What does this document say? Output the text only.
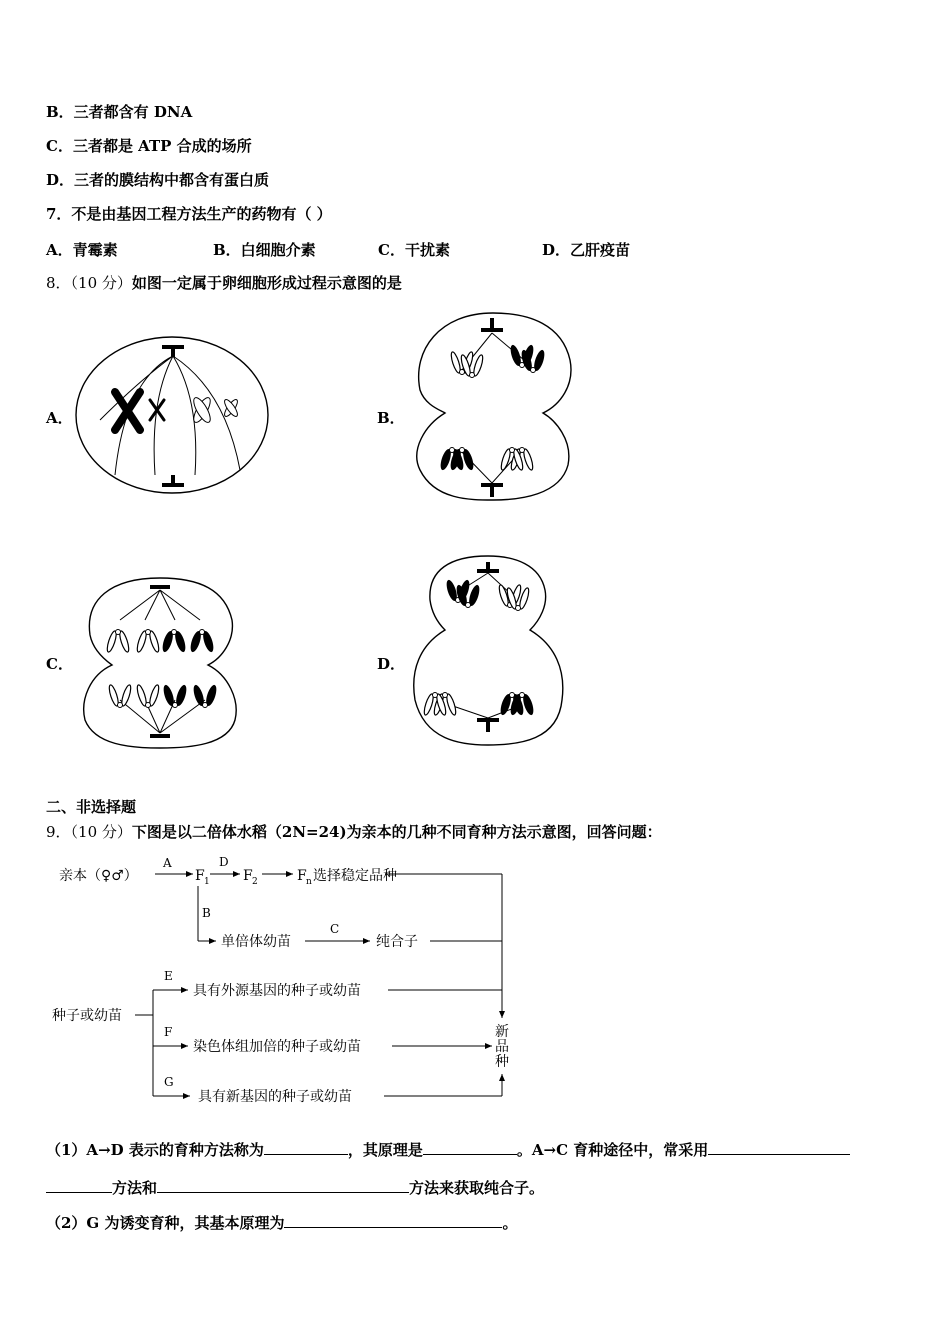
B．三者都含有 DNA
C．三者都是 ATP 合成的场所
D．三者的膜结构中都含有蛋白质
7．不是由基因工程方法生产的药物有（ ）
A．青霉素	B．白细胞介素	C．干扰素	D．乙肝疫苗
8．（10 分）如图一定属于卵细胞形成过程示意图的是
A．	B．
C．	D．
二、非选择题
9．（10 分）下图是以二倍体水稻（2N=24)为亲本的几种不同育种方法示意图，回答问题：
亲本（♀♂）
A
F 1
D
F 2	F n 选择稳定品种
B
单倍体幼苗
C
纯合子
种子或幼苗
E
具有外源基因的种子或幼苗
F
染色体组加倍的种子或幼苗
G
具有新基因的种子或幼苗
新
品
种
（1）A→D 表示的育种方法称为	，其原理是	。A→C 育种途径中，常采用
方法和	方法来获取纯合子。
（2）G 为诱变育种，其基本原理为	。
